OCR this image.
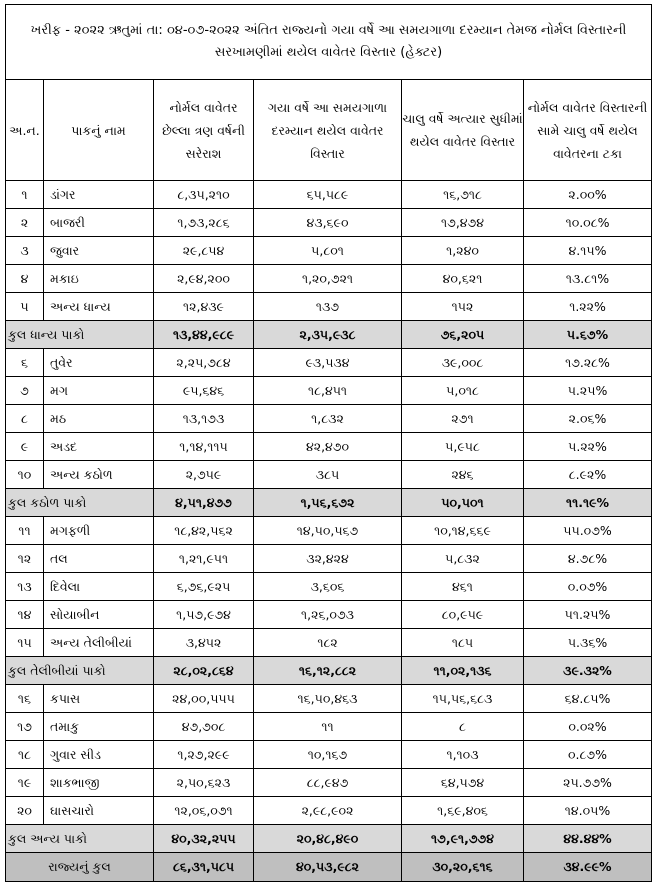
ખરીફ - ૨૦૨૨ ઋતુમાં તા: ૦૪-૦૭-૨૦૨૨ અંતિત રાજ્યનો ગયા વર્ષે આ સમયગાળા દરમ્યાન તેમજ નોર્મલ વિસ્તારની સરખામણીમાં થયેલ વાવેતર વિસ્તાર (હેક્ટર)					
અ.ન.	પાકનું નામ	નોર્મલ વાવેતર છેલ્લા ત્રણ વર્ષની સરેરાશ	ગયા વર્ષે આ સમયગાળા દરમ્યાન થયેલ વાવેતર વિસ્તાર	ચાલુ વર્ષે અત્યાર સુધીમાં થયેલ વાવેતર વિસ્તાર	નોર્મલ વાવેતર વિસ્તારની સામે ચાલુ વર્ષે થયેલ વાવેતરના ટકા
૧	ડાંગર	૮,૩૫,૨૧૦	૬૫,૫૮૯	૧૬,૭૧૮	૨.૦૦%
૨	બાજરી	૧,૭૩,૨૮૬	૪૩,૬૯૦	૧૭,૪૭૪	૧૦.૦૮%
૩	જુવાર	૨૯,૮૫૪	૫,૮૦૧	૧,૨૪૦	૪.૧૫%
૪	મકાઇ	૨,૯૪,૨૦૦	૧,૨૦,૭૨૧	૪૦,૬૨૧	૧૩.૮૧%
૫	અન્ય ધાન્ય	૧૨,૪૩૯	૧૩૭	૧૫૨	૧.૨૨%
કુલ ધાન્ય પાકો		૧૩,૪૪,૯૮૯	૨,૩૫,૯૩૮	૭૬,૨૦૫	૫.૬૭%
૬	તુવેર	૨,૨૫,૭૮૪	૯૩,૫૩૪	૩૯,૦૦૮	૧૭.૨૮%
૭	મગ	૯૫,૬૪૬	૧૮,૪૫૧	૫,૦૧૮	૫.૨૫%
૮	મઠ	૧૩,૧૭૩	૧,૮૩૨	૨૭૧	૨.૦૬%
૯	અડદ	૧,૧૪,૧૧૫	૪૨,૪૭૦	૫,૯૫૮	૫.૨૨%
૧૦	અન્ય કઠોળ	૨,૭૫૯	૩૮૫	૨૪૬	૮.૯૨%
કુલ કઠોળ પાકો		૪,૫૧,૪૭૭	૧,૫૬,૬૭૨	૫૦,૫૦૧	૧૧.૧૯%
૧૧	મગફળી	૧૮,૪૨,૫૬૨	૧૪,૫૦,૫૬૭	૧૦,૧૪,૬૬૯	૫૫.૦૭%
૧૨	તલ	૧,૨૧,૯૫૧	૩૨,૪૨૪	૫,૮૩૨	૪.૭૮%
૧૩	દિવેલા	૬,૭૬,૯૨૫	૩,૬૦૬	૪૬૧	૦.૦૭%
૧૪	સોયાબીન	૧,૫૭,૯૭૪	૧,૨૬,૦૭૩	૮૦,૯૫૯	૫૧.૨૫%
૧૫	અન્ય તેલીબીયાં	૩,૪૫૨	૧૮૨	૧૮૫	૫.૩૬%
કુલ તેલીબીયાં પાકો		૨૮,૦૨,૮૬૪	૧૬,૧૨,૮૮૨	૧૧,૦૨,૧૩૬	૩૯.૩૨%
૧૬	કપાસ	૨૪,૦૦,૫૫૫	૧૬,૫૦,૪૬૩	૧૫,૫૬,૬૮૩	૬૪.૮૫%
૧૭	તમાકુ	૪૭,૭૦૮	૧૧	૮	૦.૦૨%
૧૮	ગુવાર સીડ	૧,૨૭,૨૯૯	૧૦,૧૬૭	૧,૧૦૩	૦.૮૭%
૧૯	શાકભાજી	૨,૫૦,૬૨૩	૮૮,૯૪૭	૬૪,૫૭૪	૨૫.૭૭%
૨૦	ઘાસચારો	૧૨,૦૬,૦૭૧	૨,૯૮,૯૦૨	૧,૬૯,૪૦૬	૧૪.૦૫%
કુલ અન્ય પાકો		૪૦,૩૨,૨૫૫	૨૦,૪૮,૪૯૦	૧૭,૯૧,૭૭૪	૪૪.૪૪%
રાજ્યનું કુલ		૮૬,૩૧,૫૮૫	૪૦,૫૩,૯૮૨	૩૦,૨૦,૬૧૬	૩૪.૯૯%
